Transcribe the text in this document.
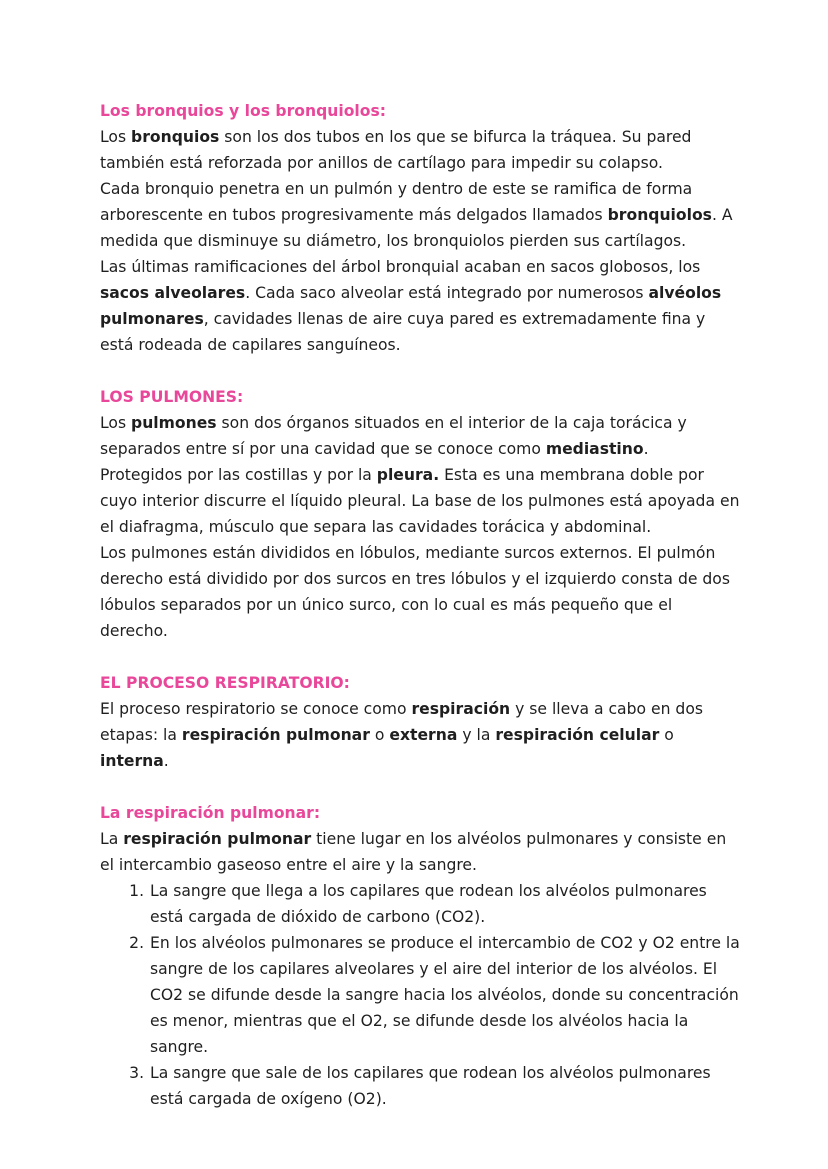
Los bronquios y los bronquiolos:

Los bronquios son los dos tubos en los que se bifurca la tráquea. Su pared también está reforzada por anillos de cartílago para impedir su colapso.

Cada bronquio penetra en un pulmón y dentro de este se ramifica de forma arborescente en tubos progresivamente más delgados llamados bronquiolos. A medida que disminuye su diámetro, los bronquiolos pierden sus cartílagos.

Las últimas ramificaciones del árbol bronquial acaban en sacos globosos, los sacos alveolares. Cada saco alveolar está integrado por numerosos alvéolos pulmonares, cavidades llenas de aire cuya pared es extremadamente fina y está rodeada de capilares sanguíneos.

LOS PULMONES:

Los pulmones son dos órganos situados en el interior de la caja torácica y separados entre sí por una cavidad que se conoce como mediastino.

Protegidos por las costillas y por la pleura. Esta es una membrana doble por cuyo interior discurre el líquido pleural. La base de los pulmones está apoyada en el diafragma, músculo que separa las cavidades torácica y abdominal.

Los pulmones están divididos en lóbulos, mediante surcos externos. El pulmón derecho está dividido por dos surcos en tres lóbulos y el izquierdo consta de dos lóbulos separados por un único surco, con lo cual es más pequeño que el derecho.

EL PROCESO RESPIRATORIO:

El proceso respiratorio se conoce como respiración y se lleva a cabo en dos etapas: la respiración pulmonar o externa y la respiración celular o interna.

La respiración pulmonar:

La respiración pulmonar tiene lugar en los alvéolos pulmonares y consiste en el intercambio gaseoso entre el aire y la sangre.

1. La sangre que llega a los capilares que rodean los alvéolos pulmonares está cargada de dióxido de carbono (CO2).
2. En los alvéolos pulmonares se produce el intercambio de CO2 y O2 entre la sangre de los capilares alveolares y el aire del interior de los alvéolos. El CO2 se difunde desde la sangre hacia los alvéolos, donde su concentración es menor, mientras que el O2, se difunde desde los alvéolos hacia la sangre.
3. La sangre que sale de los capilares que rodean los alvéolos pulmonares está cargada de oxígeno (O2).
